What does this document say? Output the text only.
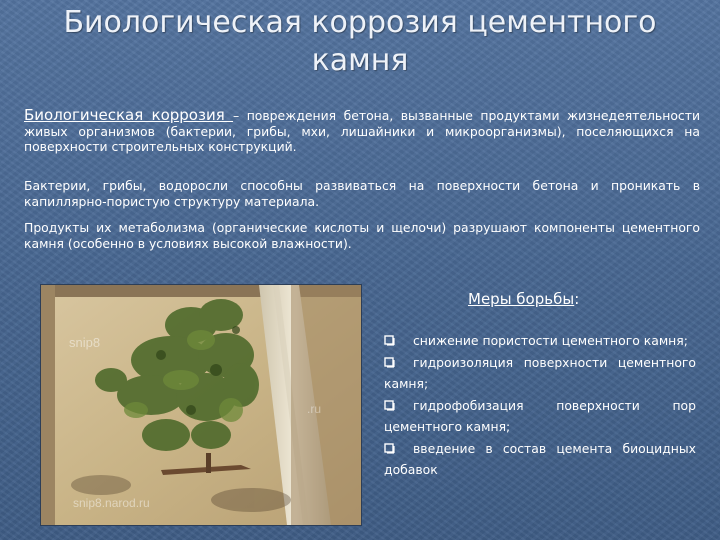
Биологическая коррозия цементного камня
Биологическая коррозия – повреждения бетона, вызванные продуктами жизнедеятельности живых организмов (бактерии, грибы, мхи, лишайники и микроорганизмы), поселяющихся на поверхности строительных конструкций.
Бактерии, грибы, водоросли способны развиваться на поверхности бетона и проникать в капиллярно-пористую структуру материала.
Продукты их метаболизма (органические кислоты и щелочи) разрушают компоненты цементного камня (особенно в условиях высокой влажности).
snip8
.ru
snip8.narod.ru
Меры борьбы:
снижение пористости цементного камня;
гидроизоляция поверхности цементного камня;
гидрофобизация поверхности пор цементного камня;
введение в состав цемента биоцидных добавок
